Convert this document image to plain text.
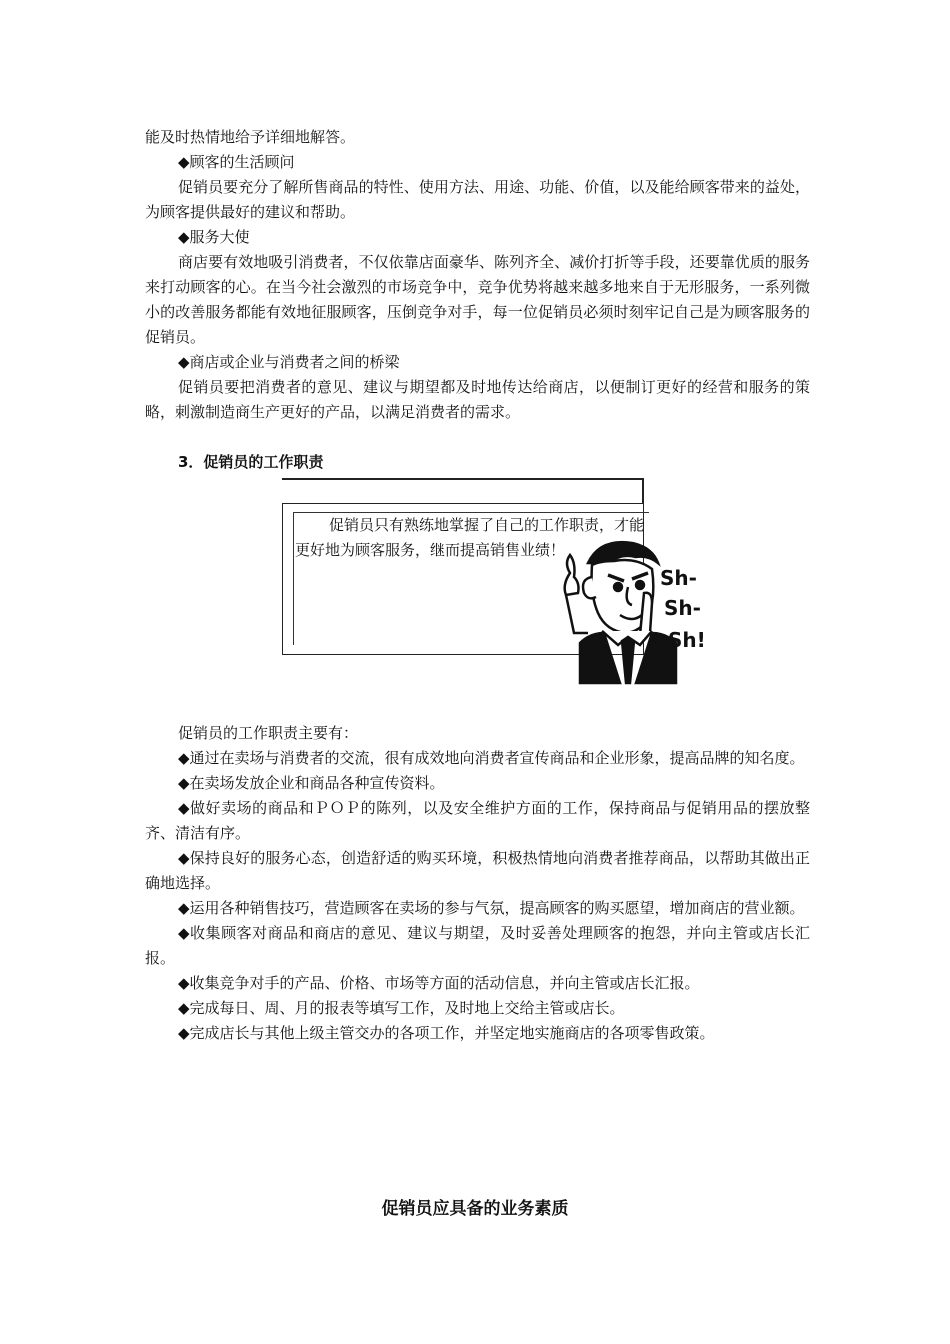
能及时热情地给予详细地解答。

◆顾客的生活顾问

促销员要充分了解所售商品的特性、使用方法、用途、功能、价值，以及能给顾客带来的益处，为顾客提供最好的建议和帮助。

◆服务大使

商店要有效地吸引消费者，不仅依靠店面豪华、陈列齐全、减价打折等手段，还要靠优质的服务来打动顾客的心。在当今社会激烈的市场竞争中，竞争优势将越来越多地来自于无形服务，一系列微小的改善服务都能有效地征服顾客，压倒竞争对手，每一位促销员必须时刻牢记自己是为顾客服务的促销员。

◆商店或企业与消费者之间的桥梁

促销员要把消费者的意见、建议与期望都及时地传达给商店，以便制订更好的经营和服务的策略，刺激制造商生产更好的产品，以满足消费者的需求。

3．促销员的工作职责
促销员只有熟练地掌握了自己的工作职责，才能更好地为顾客服务，继而提高销售业绩！
Sh-
Sh-
Sh!

促销员的工作职责主要有：

◆通过在卖场与消费者的交流，很有成效地向消费者宣传商品和企业形象，提高品牌的知名度。

◆在卖场发放企业和商品各种宣传资料。

◆做好卖场的商品和ＰＯＰ的陈列，以及安全维护方面的工作，保持商品与促销用品的摆放整齐、清洁有序。

◆保持良好的服务心态，创造舒适的购买环境，积极热情地向消费者推荐商品，以帮助其做出正确地选择。

◆运用各种销售技巧，营造顾客在卖场的参与气氛，提高顾客的购买愿望，增加商店的营业额。

◆收集顾客对商品和商店的意见、建议与期望，及时妥善处理顾客的抱怨，并向主管或店长汇报。

◆收集竞争对手的产品、价格、市场等方面的活动信息，并向主管或店长汇报。

◆完成每日、周、月的报表等填写工作，及时地上交给主管或店长。

◆完成店长与其他上级主管交办的各项工作，并坚定地实施商店的各项零售政策。

促销员应具备的业务素质
